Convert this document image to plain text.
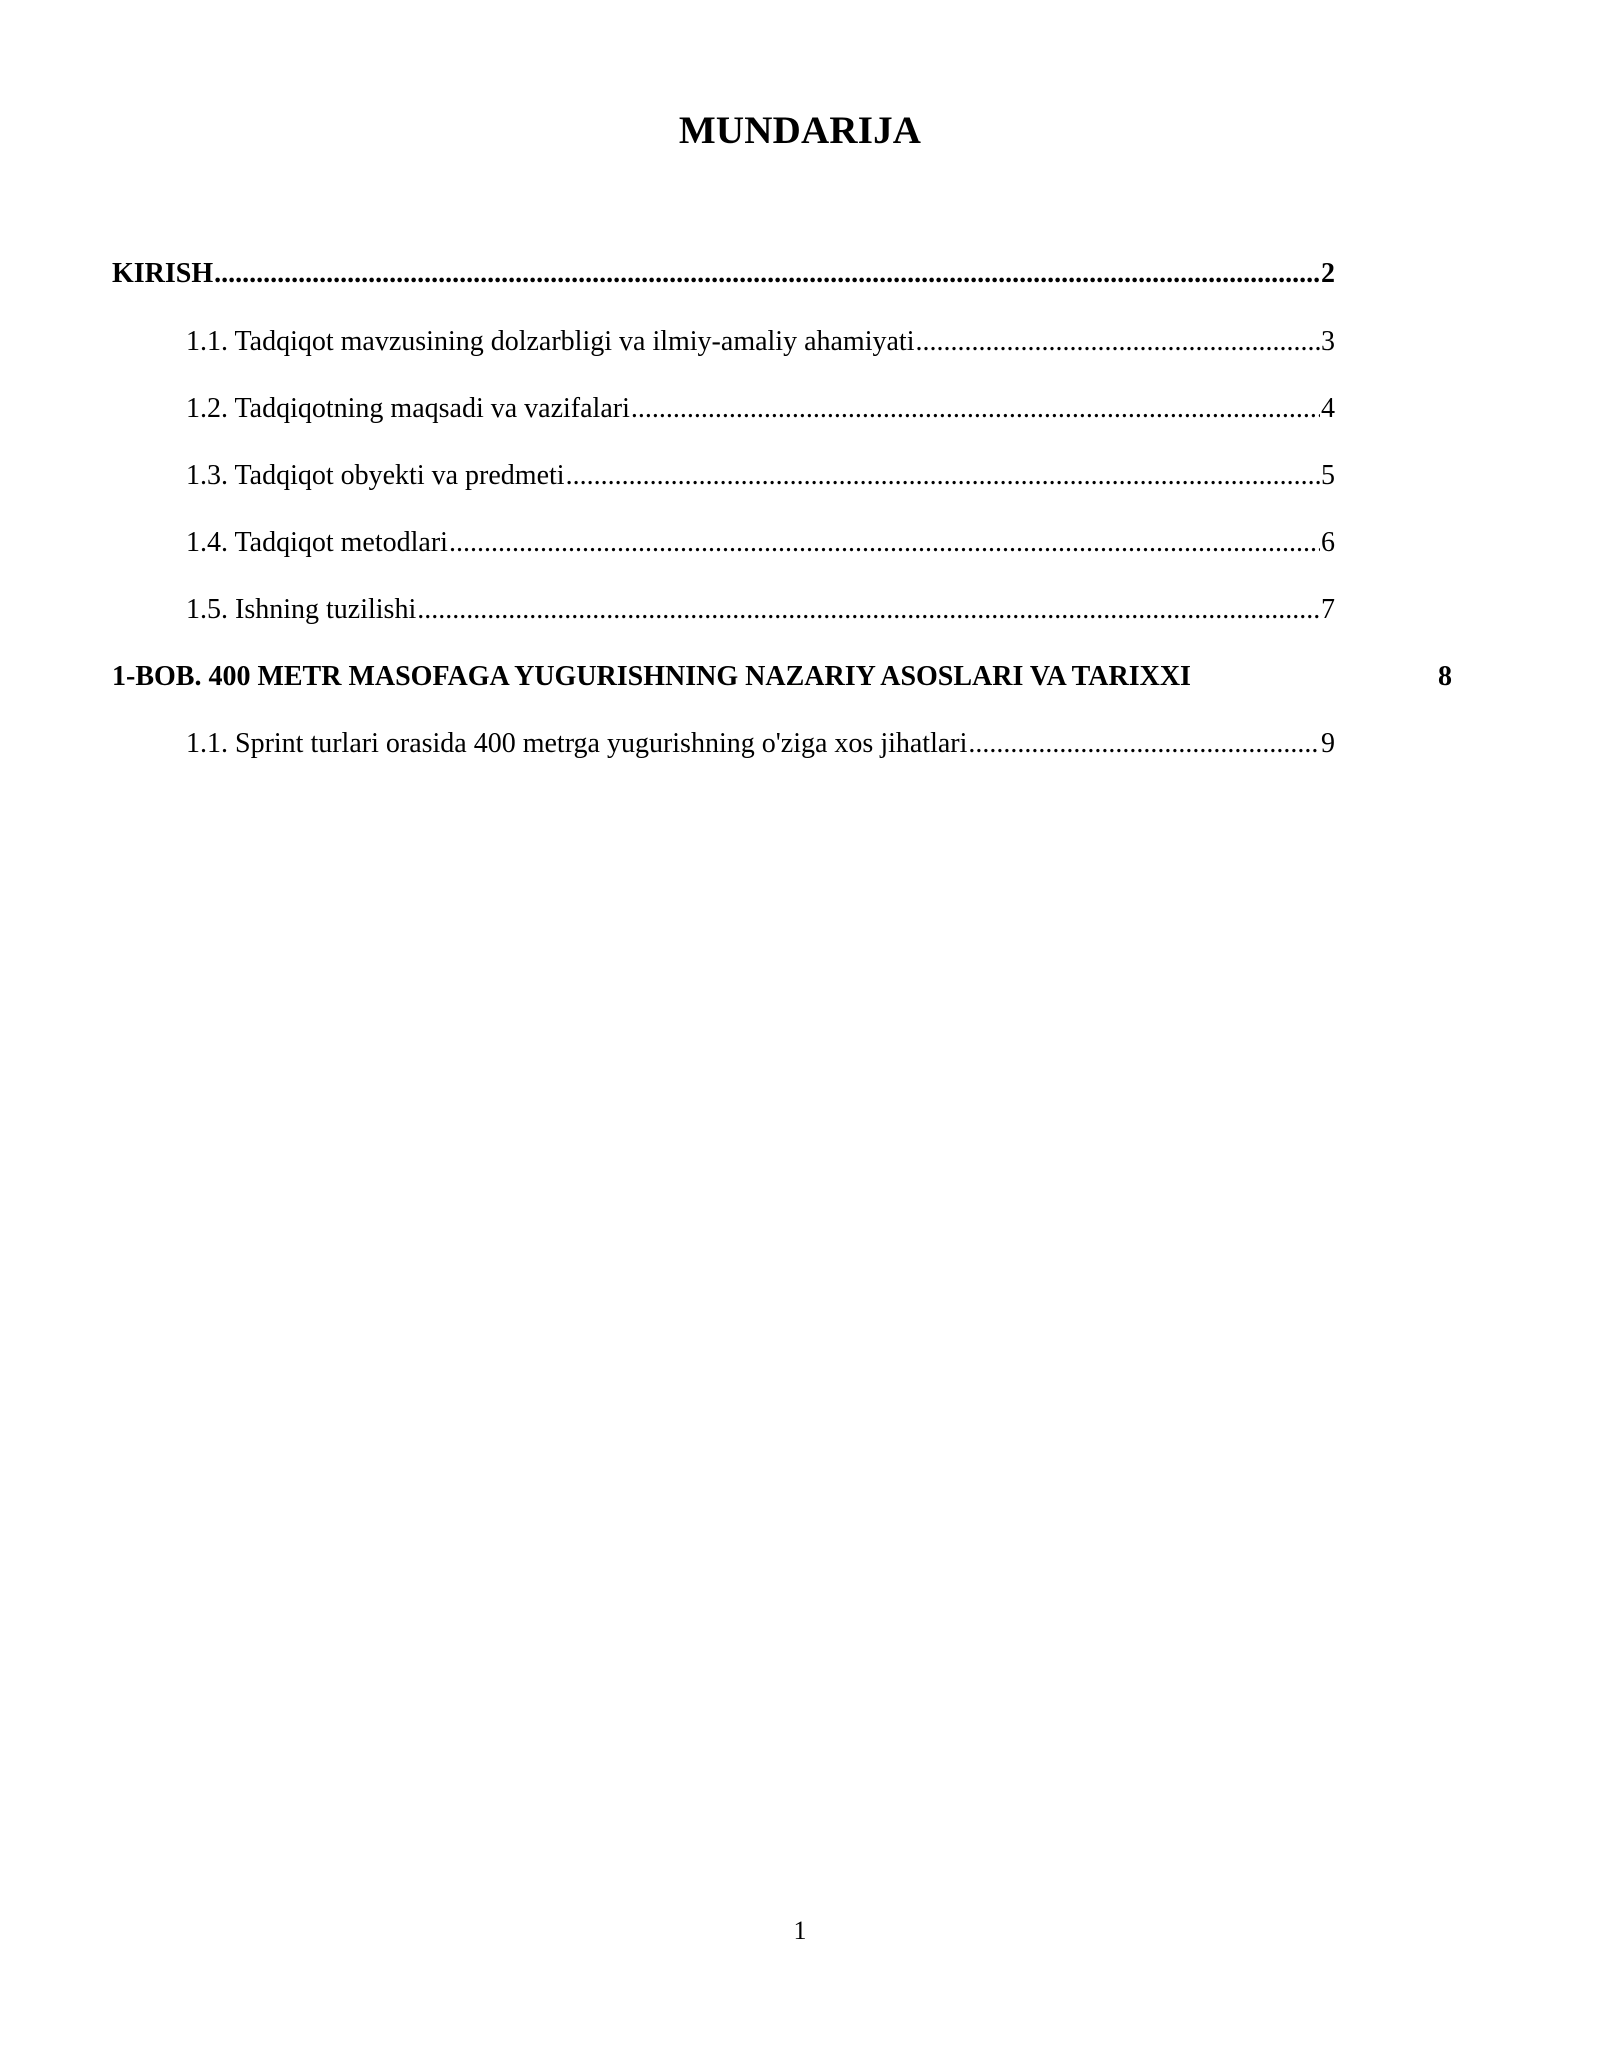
MUNDARIJA
KIRISH .....	2
1.1. Tadqiqot mavzusining dolzarbligi va ilmiy-amaliy ahamiyati .....	3
1.2. Tadqiqotning maqsadi va vazifalari .....	4
1.3. Tadqiqot obyekti va predmeti .....	5
1.4. Tadqiqot metodlari .....	6
1.5. Ishning tuzilishi .....	7
1-BOB. 400 METR MASOFAGA YUGURISHNING NAZARIY ASOSLARI VA TARIXXI	8
1.1. Sprint turlari orasida 400 metrga yugurishning o'ziga xos jihatlari .....	9
1
